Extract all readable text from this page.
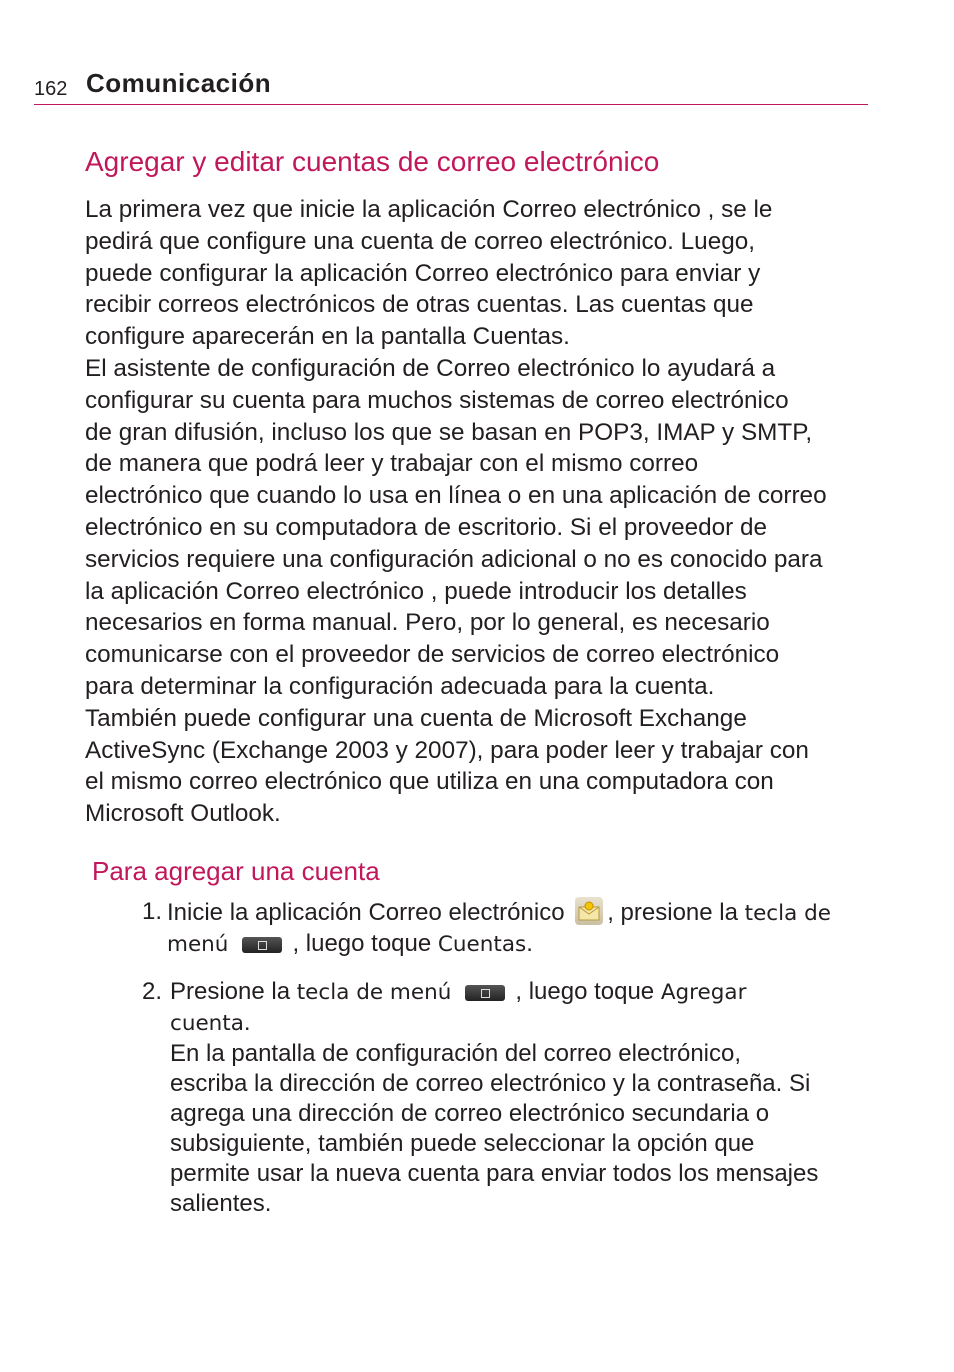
162 Comunicación
Agregar y editar cuentas de correo electrónico

La primera vez que inicie la aplicación Correo electrónico , se le
pedirá que configure una cuenta de correo electrónico. Luego,
puede configurar la aplicación Correo electrónico para enviar y
recibir correos electrónicos de otras cuentas. Las cuentas que
configure aparecerán en la pantalla Cuentas.

El asistente de configuración de Correo electrónico lo ayudará a
configurar su cuenta para muchos sistemas de correo electrónico
de gran difusión, incluso los que se basan en POP3, IMAP y SMTP,
de manera que podrá leer y trabajar con el mismo correo
electrónico que cuando lo usa en línea o en una aplicación de correo
electrónico en su computadora de escritorio. Si el proveedor de
servicios requiere una configuración adicional o no es conocido para
la aplicación Correo electrónico , puede introducir los detalles
necesarios en forma manual. Pero, por lo general, es necesario
comunicarse con el proveedor de servicios de correo electrónico
para determinar la configuración adecuada para la cuenta.

También puede configurar una cuenta de Microsoft Exchange
ActiveSync (Exchange 2003 y 2007), para poder leer y trabajar con
el mismo correo electrónico que utiliza en una computadora con
Microsoft Outlook.

Para agregar una cuenta
1. Inicie la aplicación Correo electrónico , presione la tecla de
menú	, luego toque Cuentas.
2. Presione la tecla de menú	, luego toque Agregar
cuenta.
En la pantalla de configuración del correo electrónico,
escriba la dirección de correo electrónico y la contraseña. Si
agrega una dirección de correo electrónico secundaria o
subsiguiente, también puede seleccionar la opción que
permite usar la nueva cuenta para enviar todos los mensajes
salientes.
